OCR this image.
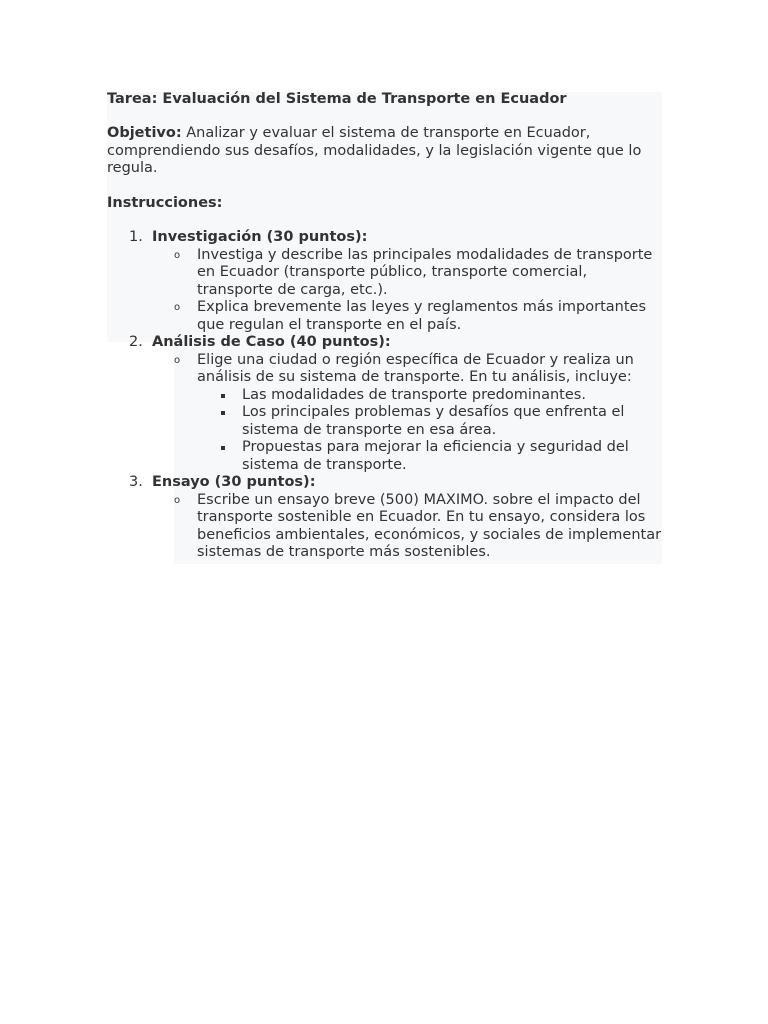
Tarea: Evaluación del Sistema de Transporte en Ecuador

Objetivo: Analizar y evaluar el sistema de transporte en Ecuador, comprendiendo sus desafíos, modalidades, y la legislación vigente que lo regula.

Instrucciones:
1. Investigación (30 puntos):
o Investiga y describe las principales modalidades de transporte en Ecuador (transporte público, transporte comercial, transporte de carga, etc.).
o Explica brevemente las leyes y reglamentos más importantes que regulan el transporte en el país.
2. Análisis de Caso (40 puntos):
o Elige una ciudad o región específica de Ecuador y realiza un análisis de su sistema de transporte. En tu análisis, incluye:
Las modalidades de transporte predominantes.
Los principales problemas y desafíos que enfrenta el sistema de transporte en esa área.
Propuestas para mejorar la eficiencia y seguridad del sistema de transporte.
3. Ensayo (30 puntos):
o Escribe un ensayo breve (500) MAXIMO. sobre el impacto del transporte sostenible en Ecuador. En tu ensayo, considera los beneficios ambientales, económicos, y sociales de implementar sistemas de transporte más sostenibles.
